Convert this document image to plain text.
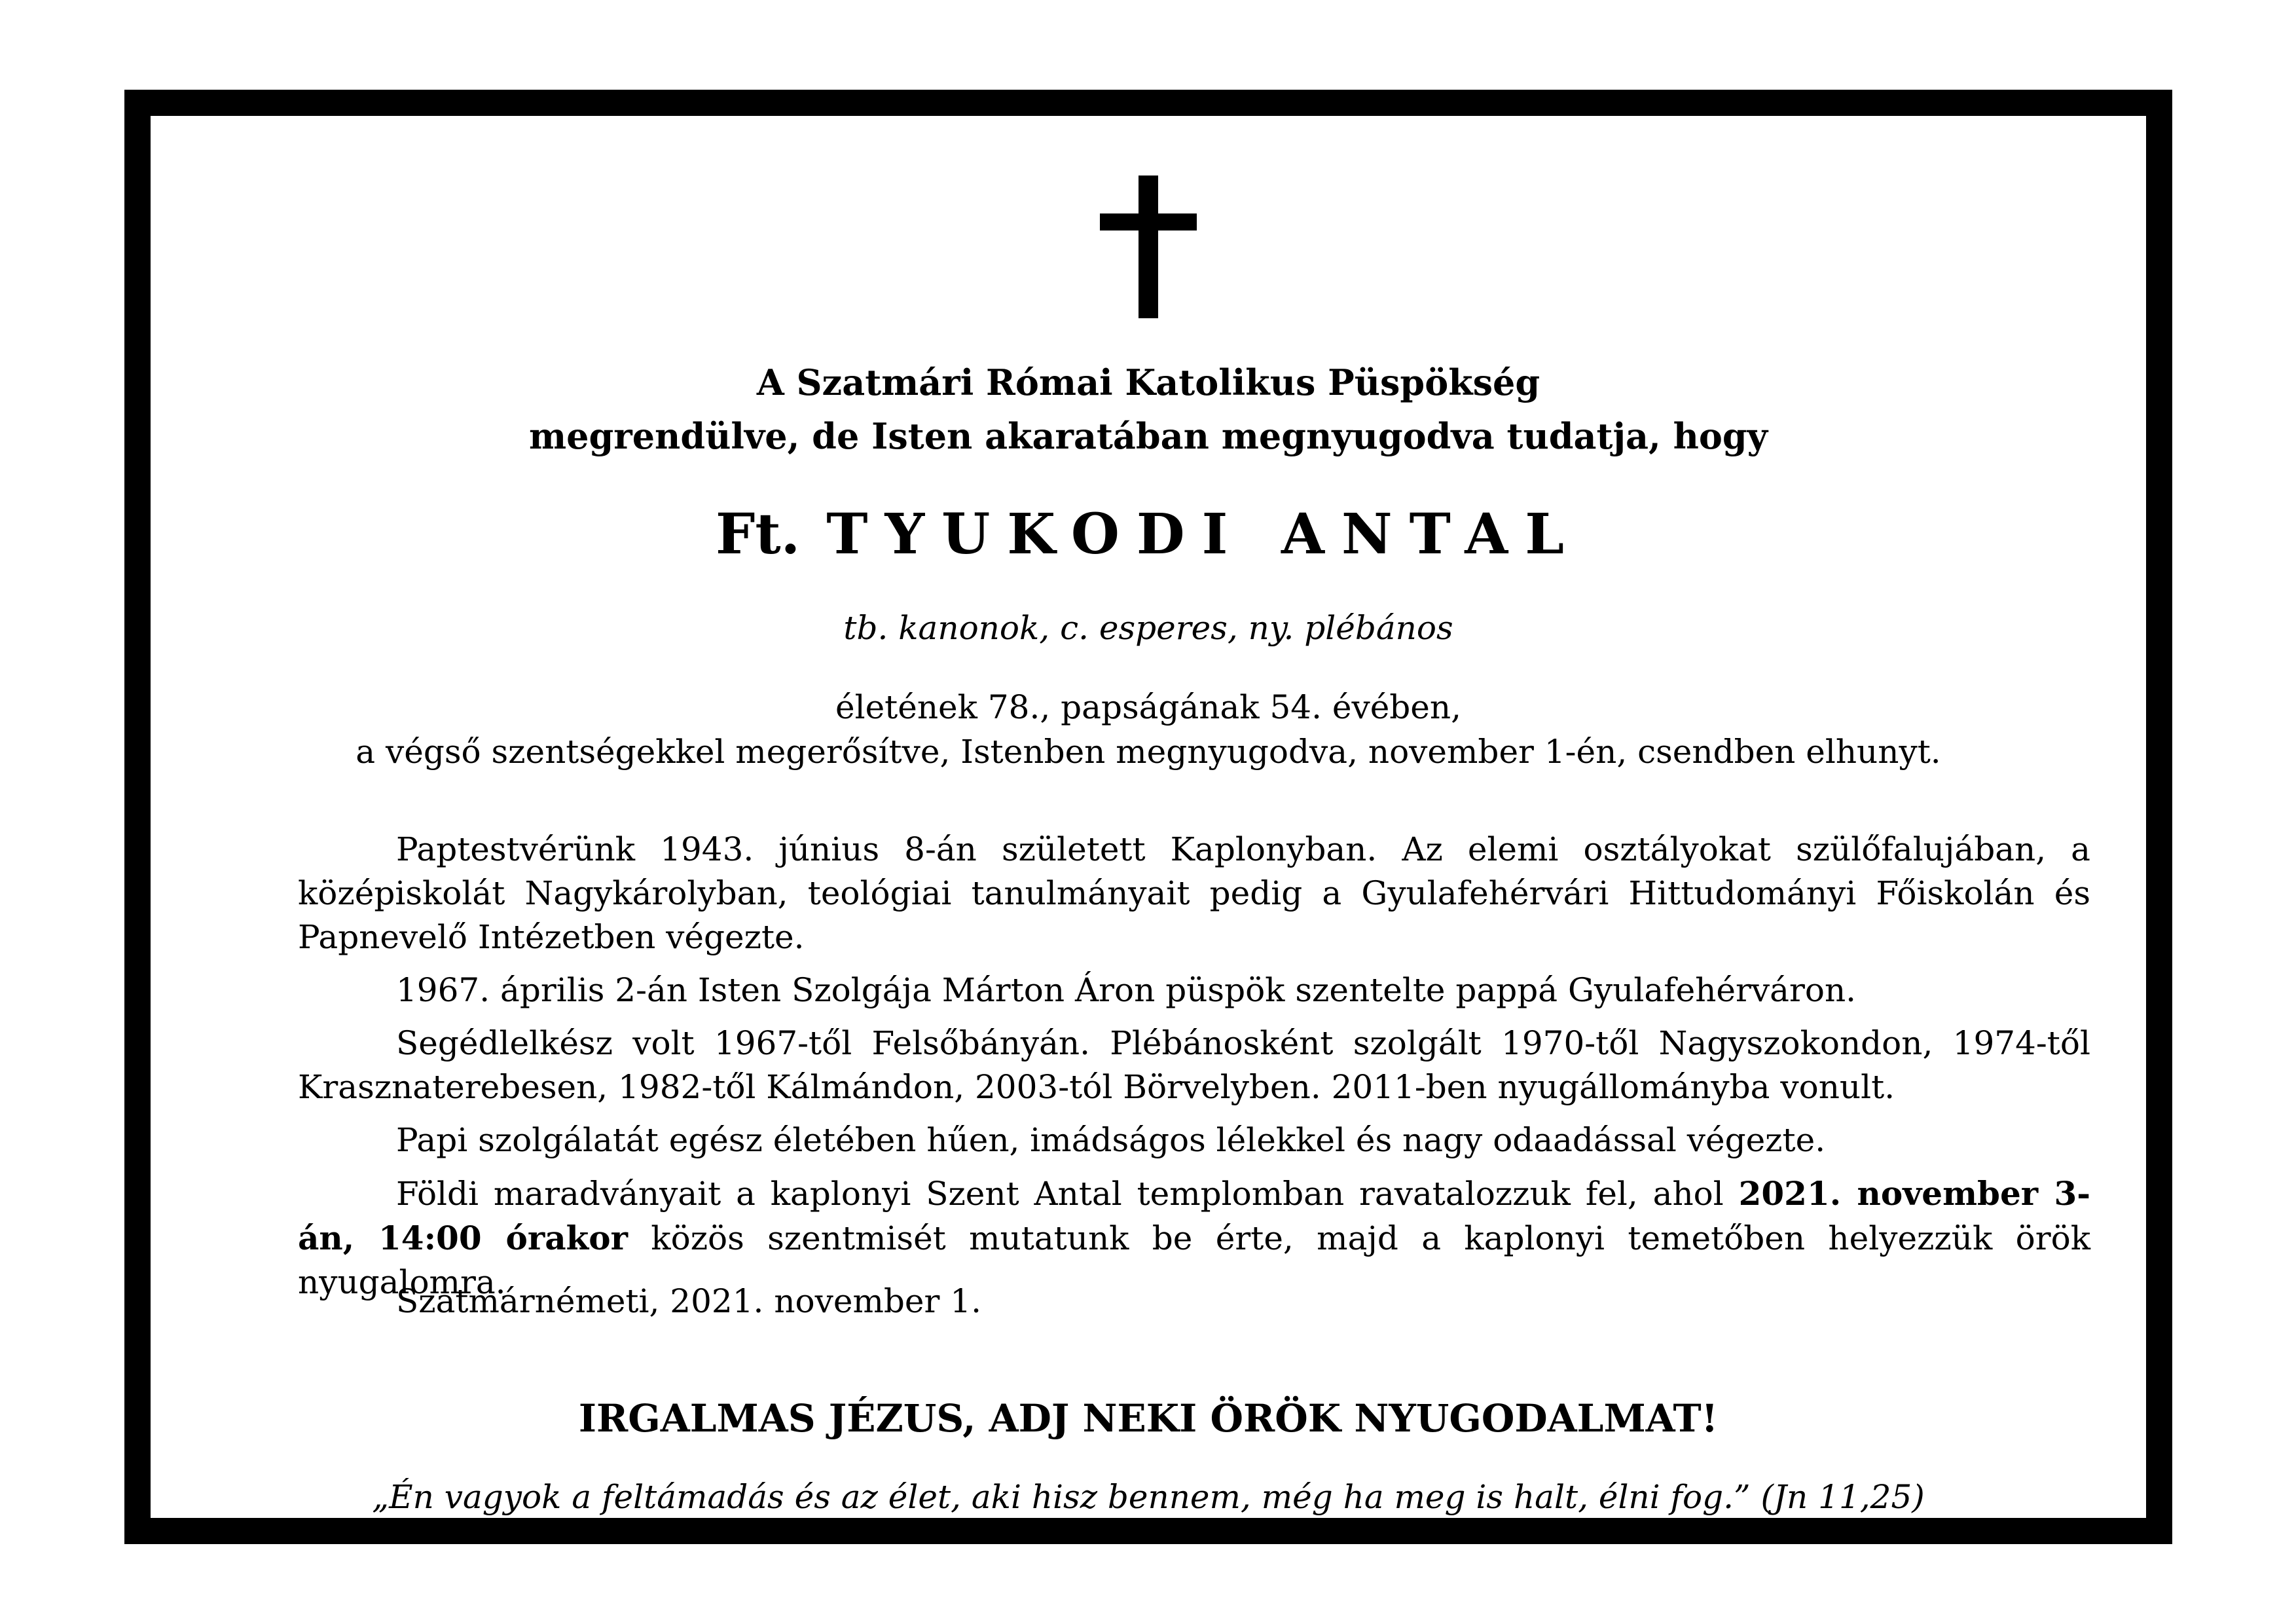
A Szatmári Római Katolikus Püspökség
megrendülve, de Isten akaratában megnyugodva tudatja, hogy
Ft. TYUKODI ANTAL
tb. kanonok, c. esperes, ny. plébános
életének 78., papságának 54. évében,
a végső szentségekkel megerősítve, Istenben megnyugodva, november 1-én, csendben elhunyt.

Paptestvérünk 1943. június 8-án született Kaplonyban. Az elemi osztályokat szülőfalujában, a középiskolát Nagykárolyban, teológiai tanulmányait pedig a Gyulafehérvári Hittudományi Főiskolán és Papnevelő Intézetben végezte.

1967. április 2-án Isten Szolgája Márton Áron püspök szentelte pappá Gyulafehérváron.

Segédlelkész volt 1967-től Felsőbányán. Plébánosként szolgált 1970-től Nagyszokondon, 1974-től Krasznaterebesen, 1982-től Kálmándon, 2003-tól Börvelyben. 2011-ben nyugállományba vonult.

Papi szolgálatát egész életében hűen, imádságos lélekkel és nagy odaadással végezte.

Földi maradványait a kaplonyi Szent Antal templomban ravatalozzuk fel, ahol 2021. november 3-án, 14:00 órakor közös szentmisét mutatunk be érte, majd a kaplonyi temetőben helyezzük örök nyugalomra.

Szatmárnémeti, 2021. november 1.
IRGALMAS JÉZUS, ADJ NEKI ÖRÖK NYUGODALMAT!
„Én vagyok a feltámadás és az élet, aki hisz bennem, még ha meg is halt, élni fog.” (Jn 11,25)
